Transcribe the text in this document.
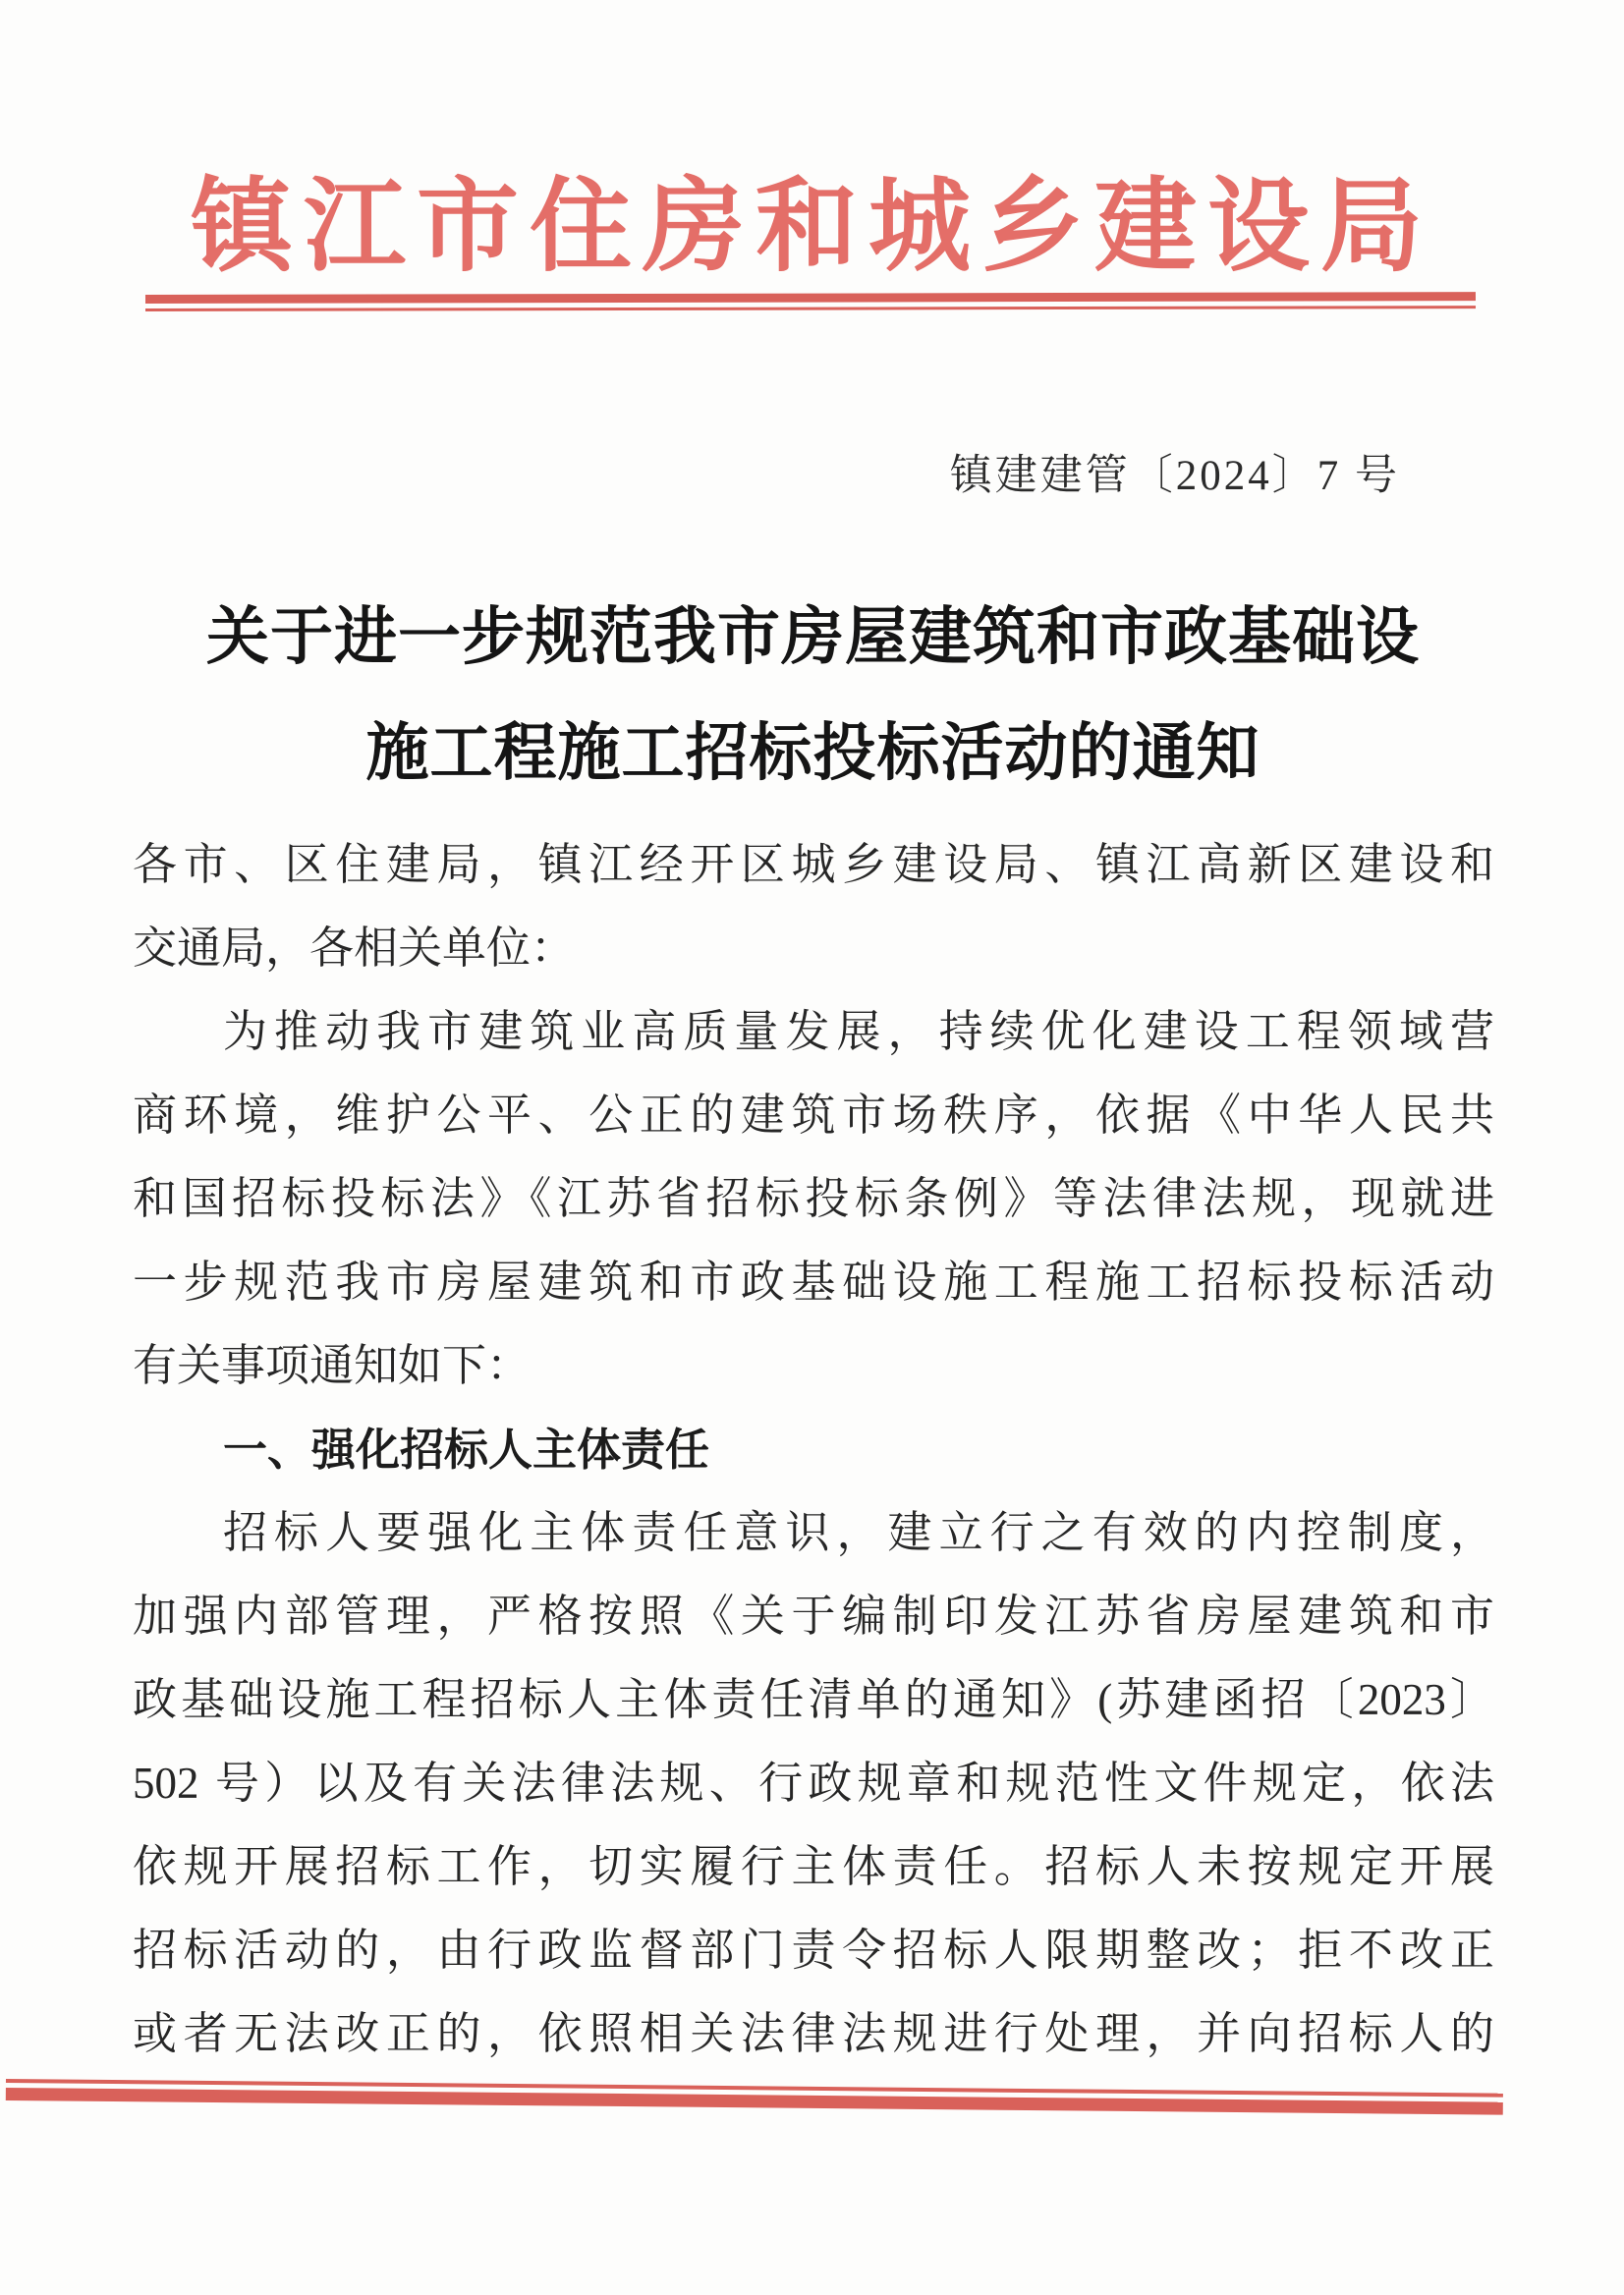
镇江市住房和城乡建设局
镇建建管〔2024〕7 号
关于进一步规范我市房屋建筑和市政基础设
施工程施工招标投标活动的通知
各市、区住建局，镇江经开区城乡建设局、镇江高新区建设和
交通局，各相关单位：
为推动我市建筑业高质量发展，持续优化建设工程领域营
商环境，维护公平、公正的建筑市场秩序，依据《中华人民共
和国招标投标法》《江苏省招标投标条例》等法律法规，现就进
一步规范我市房屋建筑和市政基础设施工程施工招标投标活动
有关事项通知如下：
一、强化招标人主体责任
招标人要强化主体责任意识，建立行之有效的内控制度，
加强内部管理，严格按照《关于编制印发江苏省房屋建筑和市
政基础设施工程招标人主体责任清单的通知》(苏建函招〔2023〕
502 号）以及有关法律法规、行政规章和规范性文件规定，依法
依规开展招标工作，切实履行主体责任。招标人未按规定开展
招标活动的，由行政监督部门责令招标人限期整改；拒不改正
或者无法改正的，依照相关法律法规进行处理，并向招标人的
